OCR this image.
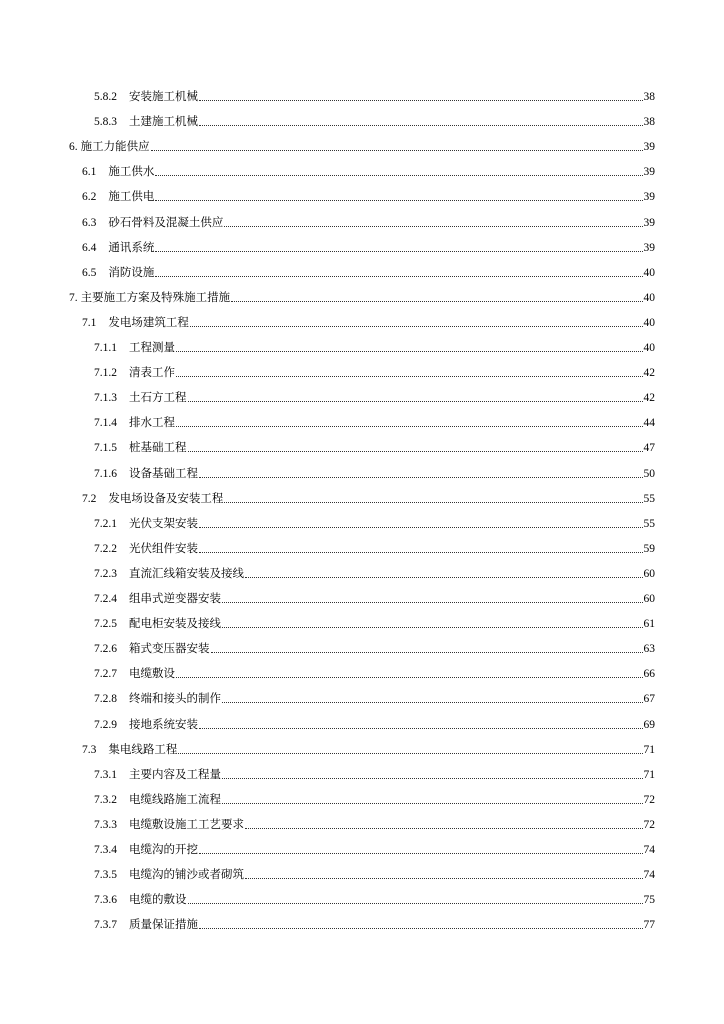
5.8.2 安装施工机械	38
5.8.3 土建施工机械	38
6. 施工力能供应	39
6.1 施工供水	39
6.2 施工供电	39
6.3 砂石骨料及混凝土供应	39
6.4 通讯系统	39
6.5 消防设施	40
7. 主要施工方案及特殊施工措施	40
7.1 发电场建筑工程	40
7.1.1 工程测量	40
7.1.2 清表工作	42
7.1.3 土石方工程	42
7.1.4 排水工程	44
7.1.5 桩基础工程	47
7.1.6 设备基础工程	50
7.2 发电场设备及安装工程	55
7.2.1 光伏支架安装	55
7.2.2 光伏组件安装	59
7.2.3 直流汇线箱安装及接线	60
7.2.4 组串式逆变器安装	60
7.2.5 配电柜安装及接线	61
7.2.6 箱式变压器安装	63
7.2.7 电缆敷设	66
7.2.8 终端和接头的制作	67
7.2.9 接地系统安装	69
7.3 集电线路工程	71
7.3.1 主要内容及工程量	71
7.3.2 电缆线路施工流程	72
7.3.3 电缆敷设施工工艺要求	72
7.3.4 电缆沟的开挖	74
7.3.5 电缆沟的铺沙或者砌筑	74
7.3.6 电缆的敷设	75
7.3.7 质量保证措施	77
